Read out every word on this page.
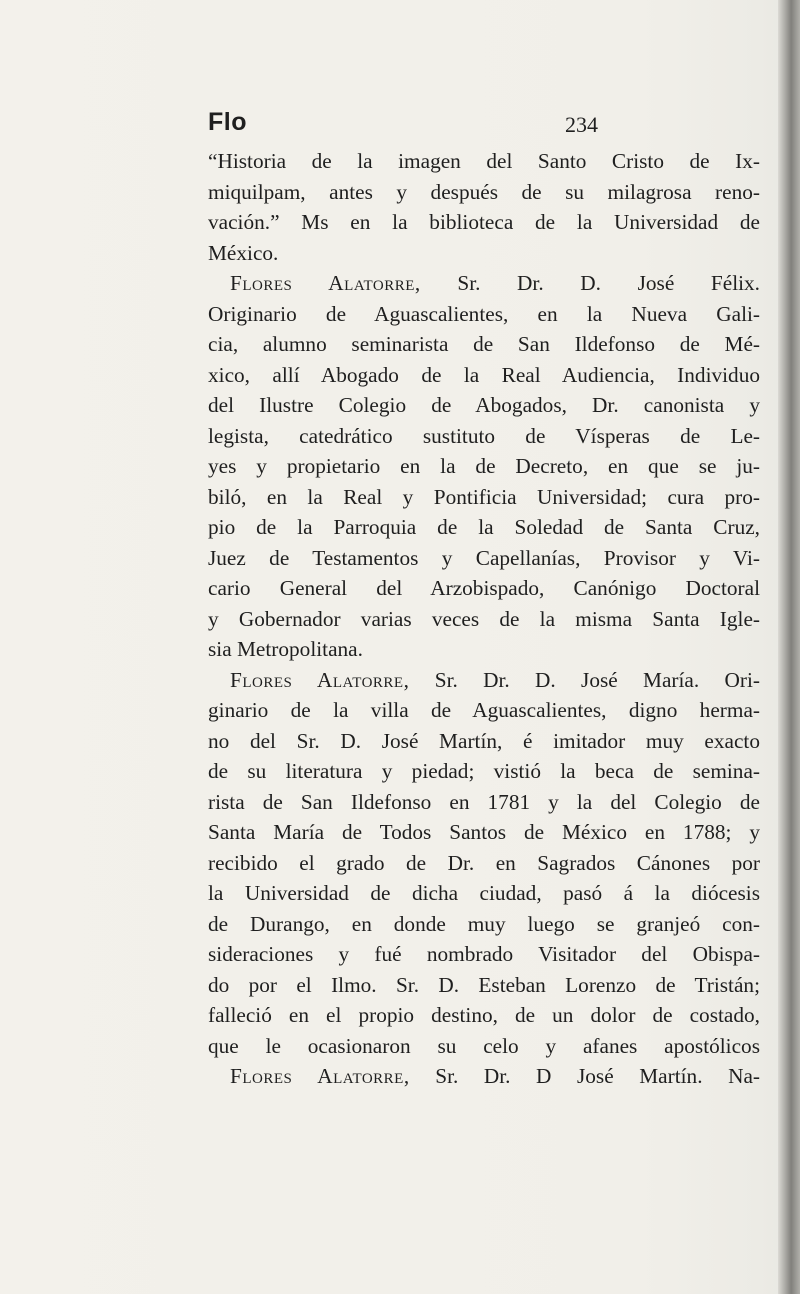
Flo	234
“Historia de la imagen del Santo Cristo de Ix-
miquilpam, antes y después de su milagrosa reno-
vación.” Ms en la biblioteca de la Universidad de
México.
Flores Alatorre, Sr. Dr. D. José Félix.
Originario de Aguascalientes, en la Nueva Gali-
cia, alumno seminarista de San Ildefonso de Mé-
xico, allí Abogado de la Real Audiencia, Individuo
del Ilustre Colegio de Abogados, Dr. canonista y
legista, catedrático sustituto de Vísperas de Le-
yes y propietario en la de Decreto, en que se ju-
biló, en la Real y Pontificia Universidad; cura pro-
pio de la Parroquia de la Soledad de Santa Cruz,
Juez de Testamentos y Capellanías, Provisor y Vi-
cario General del Arzobispado, Canónigo Doctoral
y Gobernador varias veces de la misma Santa Igle-
sia Metropolitana.
Flores Alatorre, Sr. Dr. D. José María. Ori-
ginario de la villa de Aguascalientes, digno herma-
no del Sr. D. José Martín, é imitador muy exacto
de su literatura y piedad; vistió la beca de semina-
rista de San Ildefonso en 1781 y la del Colegio de
Santa María de Todos Santos de México en 1788; y
recibido el grado de Dr. en Sagrados Cánones por
la Universidad de dicha ciudad, pasó á la diócesis
de Durango, en donde muy luego se granjeó con-
sideraciones y fué nombrado Visitador del Obispa-
do por el Ilmo. Sr. D. Esteban Lorenzo de Tristán;
falleció en el propio destino, de un dolor de costado,
que le ocasionaron su celo y afanes apostólicos
Flores Alatorre, Sr. Dr. D José Martín. Na-
